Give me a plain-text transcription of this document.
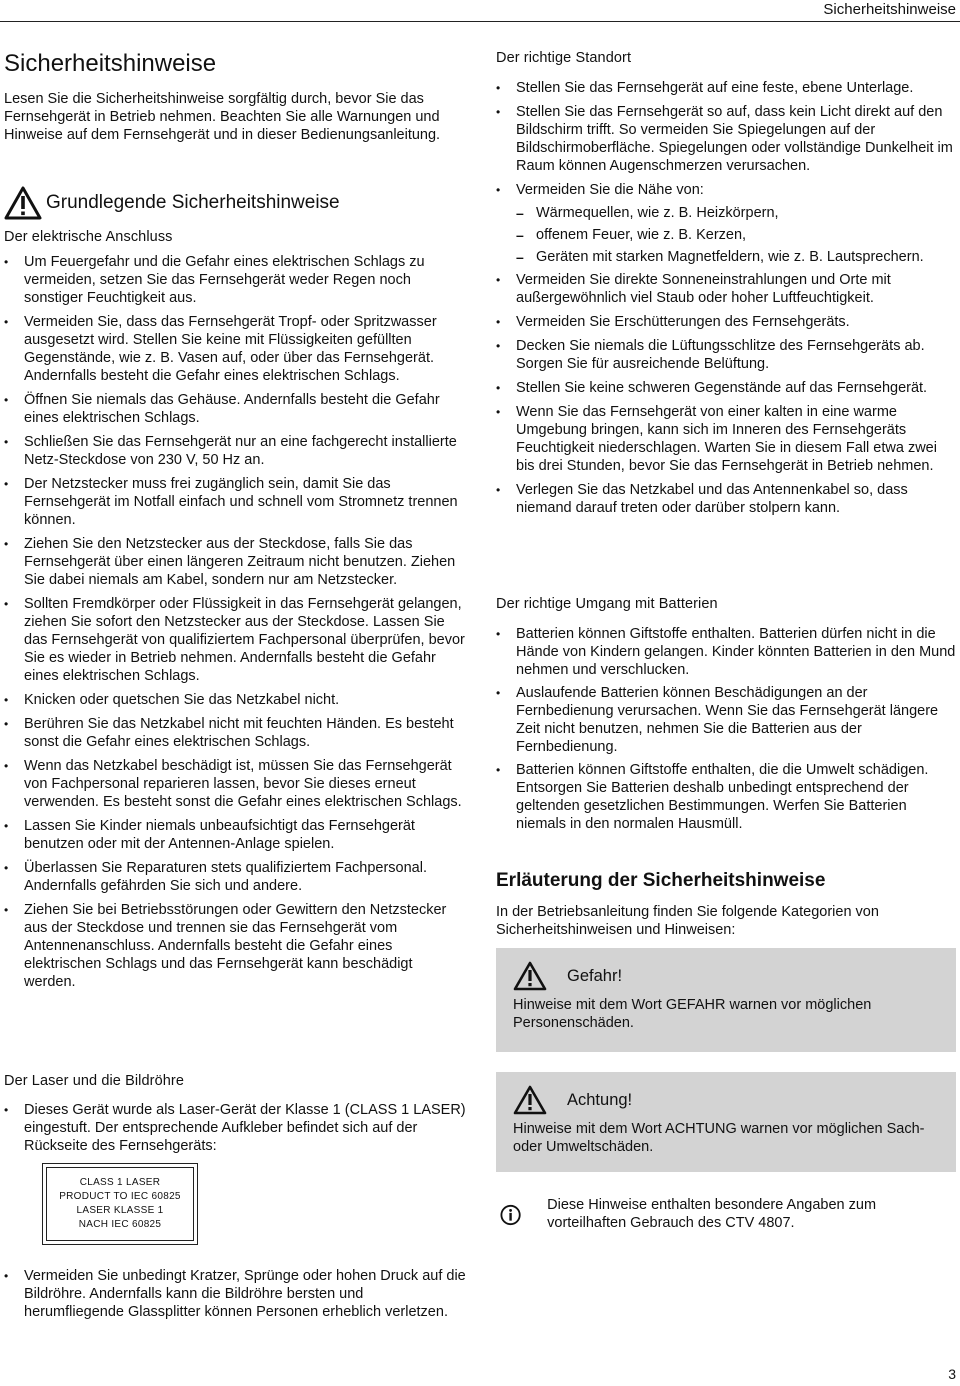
Sicherheitshinweise
Sicherheitshinweise

Lesen Sie die Sicherheitshinweise sorgfältig durch, bevor Sie das Fernsehgerät in Betrieb nehmen. Beachten Sie alle Warnungen und Hinweise auf dem Fernsehgerät und in dieser Bedienungsanleitung.

Grundlegende Sicherheitshinweise
Der elektrische Anschluss
• Um Feuergefahr und die Gefahr eines elektrischen Schlags zu vermeiden, setzen Sie das Fernsehgerät weder Regen noch sonstiger Feuchtigkeit aus.
• Vermeiden Sie, dass das Fernsehgerät Tropf- oder Spritzwasser ausgesetzt wird. Stellen Sie keine mit Flüssigkeiten gefüllten Gegenstände, wie z. B. Vasen auf, oder über das Fernsehgerät. Andernfalls besteht die Gefahr eines elektrischen Schlags.
• Öffnen Sie niemals das Gehäuse. Andernfalls besteht die Gefahr eines elektrischen Schlags.
• Schließen Sie das Fernsehgerät nur an eine fachgerecht installierte Netz-Steckdose von 230 V, 50 Hz an.
• Der Netzstecker muss frei zugänglich sein, damit Sie das Fernsehgerät im Notfall einfach und schnell vom Stromnetz trennen können.
• Ziehen Sie den Netzstecker aus der Steckdose, falls Sie das Fernsehgerät über einen längeren Zeitraum nicht benutzen. Ziehen Sie dabei niemals am Kabel, sondern nur am Netzstecker.
• Sollten Fremdkörper oder Flüssigkeit in das Fernsehgerät gelangen, ziehen Sie sofort den Netzstecker aus der Steckdose. Lassen Sie das Fernsehgerät von qualifiziertem Fachpersonal überprüfen, bevor Sie es wieder in Betrieb nehmen. Andernfalls besteht die Gefahr eines elektrischen Schlags.
• Knicken oder quetschen Sie das Netzkabel nicht.
• Berühren Sie das Netzkabel nicht mit feuchten Händen. Es besteht sonst die Gefahr eines elektrischen Schlags.
• Wenn das Netzkabel beschädigt ist, müssen Sie das Fernsehgerät von Fachpersonal reparieren lassen, bevor Sie dieses erneut verwenden. Es besteht sonst die Gefahr eines elektrischen Schlags.
• Lassen Sie Kinder niemals unbeaufsichtigt das Fernsehgerät benutzen oder mit der Antennen-Anlage spielen.
• Überlassen Sie Reparaturen stets qualifiziertem Fachpersonal. Andernfalls gefährden Sie sich und andere.
• Ziehen Sie bei Betriebsstörungen oder Gewittern den Netzstecker aus der Steckdose und trennen sie das Fernsehgerät vom Antennenanschluss. Andernfalls besteht die Gefahr eines elektrischen Schlags und das Fernsehgerät kann beschädigt werden.
Der Laser und die Bildröhre
• Dieses Gerät wurde als Laser-Gerät der Klasse 1 (CLASS 1 LASER) eingestuft. Der entsprechende Aufkleber befindet sich auf der Rückseite des Fernsehgeräts:
CLASS 1 LASER
PRODUCT TO IEC 60825
LASER KLASSE 1
NACH IEC 60825
• Vermeiden Sie unbedingt Kratzer, Sprünge oder hohen Druck auf die Bildröhre. Andernfalls kann die Bildröhre bersten und herumfliegende Glassplitter können Personen erheblich verletzen.
Der richtige Standort
• Stellen Sie das Fernsehgerät auf eine feste, ebene Unterlage.
• Stellen Sie das Fernsehgerät so auf, dass kein Licht direkt auf den Bildschirm trifft. So vermeiden Sie Spiegelungen auf der Bildschirmoberfläche. Spiegelungen oder vollständige Dunkelheit im Raum können Augenschmerzen verursachen.
• Vermeiden Sie die Nähe von:
– Wärmequellen, wie z. B. Heizkörpern,
– offenem Feuer, wie z. B. Kerzen,
– Geräten mit starken Magnetfeldern, wie z. B. Lautsprechern.
• Vermeiden Sie direkte Sonneneinstrahlungen und Orte mit außergewöhnlich viel Staub oder hoher Luftfeuchtigkeit.
• Vermeiden Sie Erschütterungen des Fernsehgeräts.
• Decken Sie niemals die Lüftungsschlitze des Fernsehgeräts ab. Sorgen Sie für ausreichende Belüftung.
• Stellen Sie keine schweren Gegenstände auf das Fernsehgerät.
• Wenn Sie das Fernsehgerät von einer kalten in eine warme Umgebung bringen, kann sich im Inneren des Fernsehgeräts Feuchtigkeit niederschlagen. Warten Sie in diesem Fall etwa zwei bis drei Stunden, bevor Sie das Fernsehgerät in Betrieb nehmen.
• Verlegen Sie das Netzkabel und das Antennenkabel so, dass niemand darauf treten oder darüber stolpern kann.
Der richtige Umgang mit Batterien
• Batterien können Giftstoffe enthalten. Batterien dürfen nicht in die Hände von Kindern gelangen. Kinder könnten Batterien in den Mund nehmen und verschlucken.
• Auslaufende Batterien können Beschädigungen an der Fernbedienung verursachen. Wenn Sie das Fernsehgerät längere Zeit nicht benutzen, nehmen Sie die Batterien aus der Fernbedienung.
• Batterien können Giftstoffe enthalten, die die Umwelt schädigen. Entsorgen Sie Batterien deshalb unbedingt entsprechend der geltenden gesetzlichen Bestimmungen. Werfen Sie Batterien niemals in den normalen Hausmüll.
Erläuterung der Sicherheitshinweise

In der Betriebsanleitung finden Sie folgende Kategorien von Sicherheitshinweisen und Hinweisen:

Gefahr!
Hinweise mit dem Wort GEFAHR warnen vor möglichen Personenschäden.
Achtung!
Hinweise mit dem Wort ACHTUNG warnen vor möglichen Sach- oder Umweltschäden.
Diese Hinweise enthalten besondere Angaben zum vorteilhaften Gebrauch des CTV 4807.
3
